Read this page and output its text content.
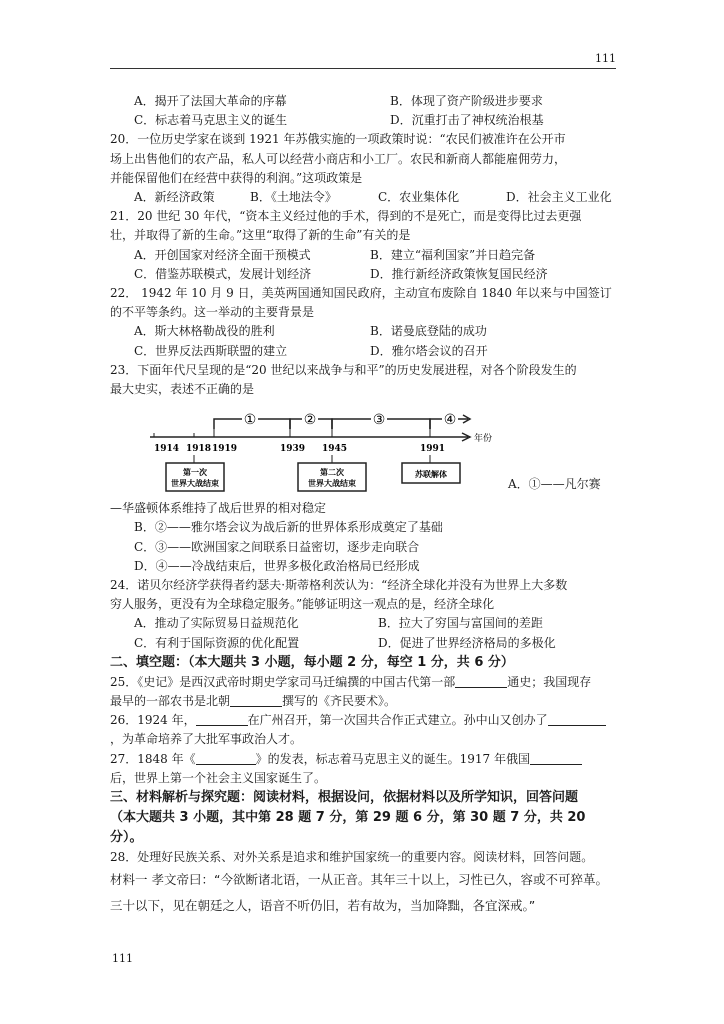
111
A．揭开了法国大革命的序幕	B．体现了资产阶级进步要求
C．标志着马克思主义的诞生	D．沉重打击了神权统治根基
20．一位历史学家在谈到 1921 年苏俄实施的一项政策时说：“农民们被准许在公开市
场上出售他们的农产品，私人可以经营小商店和小工厂。农民和新商人都能雇佣劳力，
并能保留他们在经营中获得的利润。”这项政策是
A．新经济政策	B．《土地法令》	C．农业集体化	D．社会主义工业化
21．20 世纪 30 年代，“资本主义经过他的手术，得到的不是死亡，而是变得比过去更强
壮，并取得了新的生命。”这里“取得了新的生命”有关的是
A．开创国家对经济全面干预模式	B．建立“福利国家”并日趋完备
C．借鉴苏联模式，发展计划经济	D．推行新经济政策恢复国民经济
22． 1942 年 10 月 9 日，美英两国通知国民政府，主动宣布废除自 1840 年以来与中国签订
的不平等条约。这一举动的主要背景是
A．斯大林格勒战役的胜利	B．诺曼底登陆的成功
C．世界反法西斯联盟的建立	D．雅尔塔会议的召开
23．下面年代尺呈现的是“20 世纪以来战争与和平”的历史发展进程，对各个阶段发生的
最大史实，表述不正确的是
①	②	③	④
年份
1914 1918 1919	1939 1945	1991
第一次
世界大战结束
第二次
世界大战结束
苏联解体
A．①——凡尔赛
—华盛顿体系维持了战后世界的相对稳定
B．②——雅尔塔会议为战后新的世界体系形成奠定了基础
C．③——欧洲国家之间联系日益密切，逐步走向联合
D．④——冷战结束后，世界多极化政治格局已经形成
24．诺贝尔经济学获得者约瑟夫·斯蒂格利茨认为：“经济全球化并没有为世界上大多数
穷人服务，更没有为全球稳定服务。”能够证明这一观点的是，经济全球化
A．推动了实际贸易日益规范化	B．拉大了穷国与富国间的差距
C．有利于国际资源的优化配置	D．促进了世界经济格局的多极化
二、填空题：（本大题共 3 小题，每小题 2 分，每空 1 分，共 6 分）
25．《史记》是西汉武帝时期史学家司马迁编撰的中国古代第一部	通史；我国现存
最早的一部农书是北朝	撰写的《齐民要术》。
26．1924 年，	在广州召开，第一次国共合作正式建立。孙中山又创办了
，为革命培养了大批军事政治人才。
27．1848 年《	》的发表，标志着马克思主义的诞生。1917 年俄国
后，世界上第一个社会主义国家诞生了。
三、材料解析与探究题：阅读材料，根据设问，依据材料以及所学知识，回答问题
（本大题共 3 小题，其中第 28 题 7 分，第 29 题 6 分，第 30 题 7 分，共 20
分）。
28．处理好民族关系、对外关系是追求和维护国家统一的重要内容。阅读材料，回答问题。
材料一 孝文帝曰：“今欲断诸北语，一从正音。其年三十以上，习性已久，容或不可猝革。
三十以下，见在朝廷之人，语音不听仍旧，若有故为，当加降黜，各宜深戒。”
111
